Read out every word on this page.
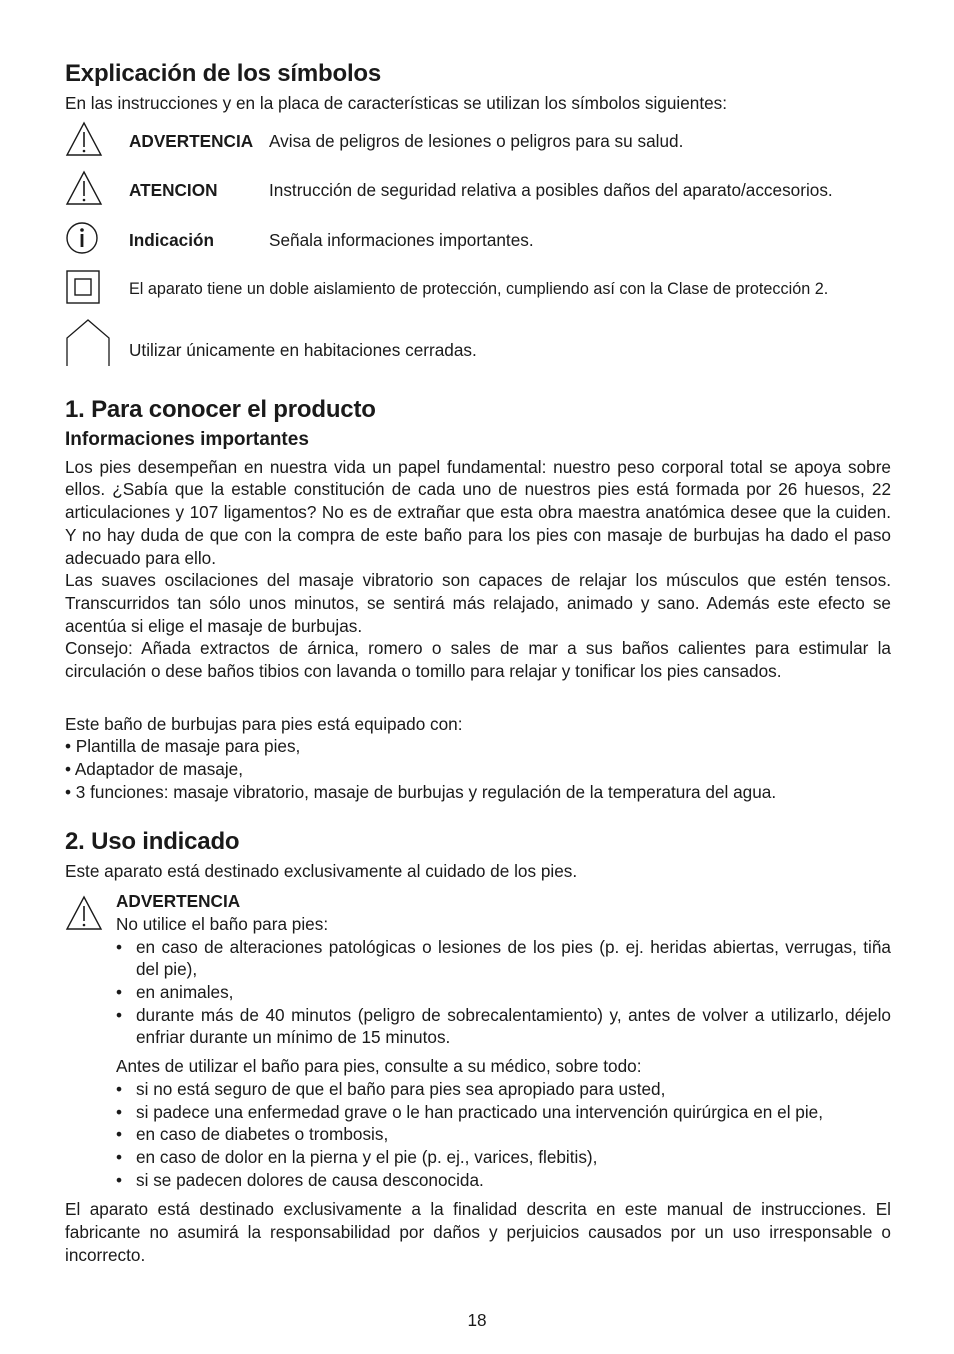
Explicación de los símbolos

En las instrucciones y en la placa de características se utilizan los símbolos siguientes:

ADVERTENCIA Avisa de peligros de lesiones o peligros para su salud.
ATENCION	Instrucción de seguridad relativa a posibles daños del aparato/accesorios.
Indicación	Señala informaciones importantes.
El aparato tiene un doble aislamiento de protección, cumpliendo así con la Clase de protección 2.
Utilizar únicamente en habitaciones cerradas.
1. Para conocer el producto
Informaciones importantes

Los pies desempeñan en nuestra vida un papel fundamental: nuestro peso corporal total se apoya sobre ellos. ¿Sabía que la estable constitución de cada uno de nuestros pies está formada por 26 huesos, 22 articulaciones y 107 ligamentos? No es de extrañar que esta obra maestra anatómica desee que la cuiden. Y no hay duda de que con la compra de este baño para los pies con masaje de burbujas ha dado el paso adecuado para ello.

Las suaves oscilaciones del masaje vibratorio son capaces de relajar los músculos que estén tensos. Transcurridos tan sólo unos minutos, se sentirá más relajado, animado y sano. Además este efecto se acentúa si elige el masaje de burbujas.

Consejo: Añada extractos de árnica, romero o sales de mar a sus baños calientes para estimular la circulación o dese baños tibios con lavanda o tomillo para relajar y tonificar los pies cansados.

Este baño de burbujas para pies está equipado con:

• Plantilla de masaje para pies,
• Adaptador de masaje,
• 3 funciones: masaje vibratorio, masaje de burbujas y regulación de la temperatura del agua.
2. Uso indicado

Este aparato está destinado exclusivamente al cuidado de los pies.

ADVERTENCIA

No utilice el baño para pies:

• en caso de alteraciones patológicas o lesiones de los pies (p. ej. heridas abiertas, verrugas, tiña del pie),
• en animales,
• durante más de 40 minutos (peligro de sobrecalentamiento) y, antes de volver a utilizarlo, déjelo enfriar durante un mínimo de 15 minutos.

Antes de utilizar el baño para pies, consulte a su médico, sobre todo:

• si no está seguro de que el baño para pies sea apropiado para usted,
• si padece una enfermedad grave o le han practicado una intervención quirúrgica en el pie,
• en caso de diabetes o trombosis,
• en caso de dolor en la pierna y el pie (p. ej., varices, flebitis),
• si se padecen dolores de causa desconocida.

El aparato está destinado exclusivamente a la finalidad descrita en este manual de instrucciones. El fabricante no asumirá la responsabilidad por daños y perjuicios causados por un uso irresponsable o incorrecto.

18
